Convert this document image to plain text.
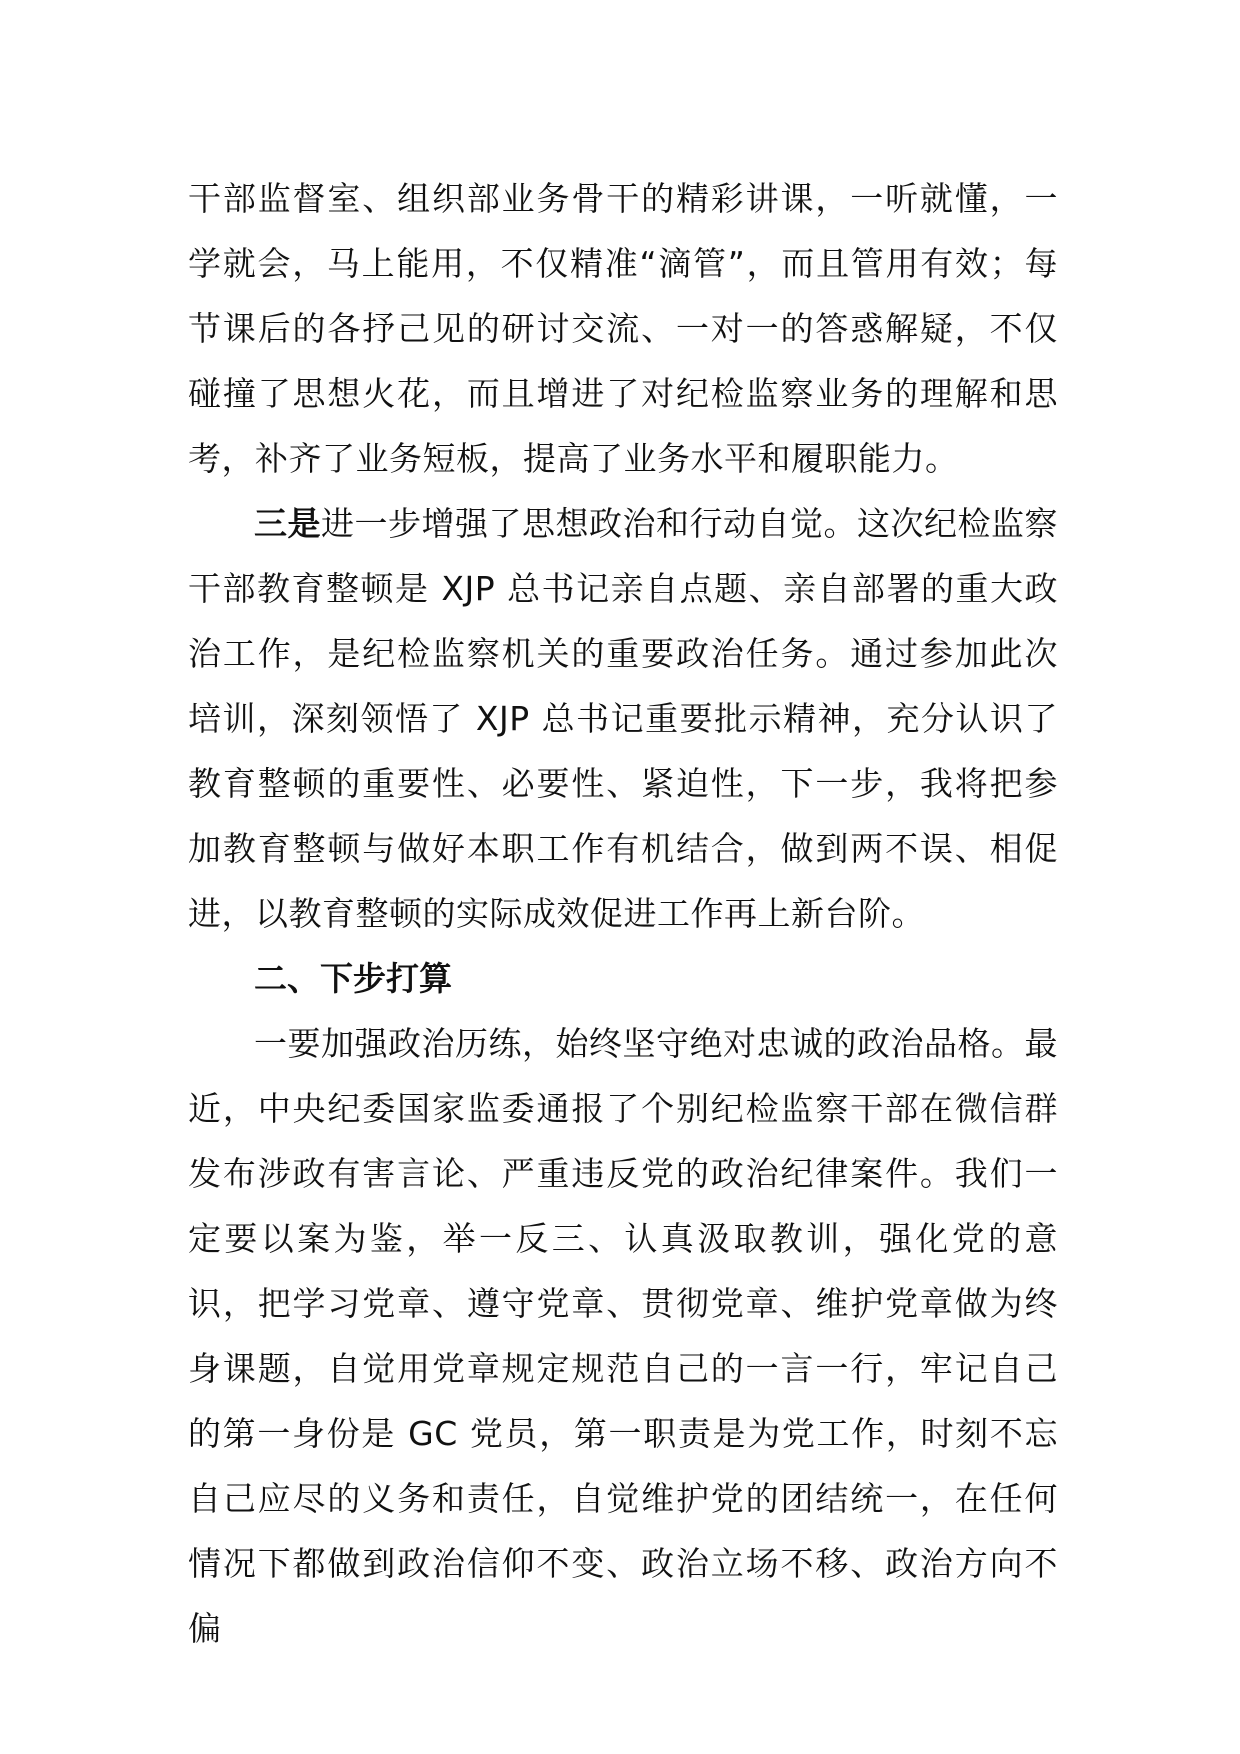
干部监督室、组织部业务骨干的精彩讲课，一听就懂，一学就会，马上能用，不仅精准“滴管”，而且管用有效；每节课后的各抒己见的研讨交流、一对一的答惑解疑，不仅碰撞了思想火花，而且增进了对纪检监察业务的理解和思考，补齐了业务短板，提高了业务水平和履职能力。

三是进一步增强了思想政治和行动自觉。这次纪检监察干部教育整顿是 XJP 总书记亲自点题、亲自部署的重大政治工作，是纪检监察机关的重要政治任务。通过参加此次培训，深刻领悟了 XJP 总书记重要批示精神，充分认识了教育整顿的重要性、必要性、紧迫性，下一步，我将把参加教育整顿与做好本职工作有机结合，做到两不误、相促进，以教育整顿的实际成效促进工作再上新台阶。

二、下步打算

一要加强政治历练，始终坚守绝对忠诚的政治品格。最近，中央纪委国家监委通报了个别纪检监察干部在微信群发布涉政有害言论、严重违反党的政治纪律案件。我们一定要以案为鉴，举一反三、认真汲取教训，强化党的意识，把学习党章、遵守党章、贯彻党章、维护党章做为终身课题，自觉用党章规定规范自己的一言一行，牢记自己的第一身份是 GC 党员，第一职责是为党工作，时刻不忘自己应尽的义务和责任，自觉维护党的团结统一，在任何情况下都做到政治信仰不变、政治立场不移、政治方向不偏
